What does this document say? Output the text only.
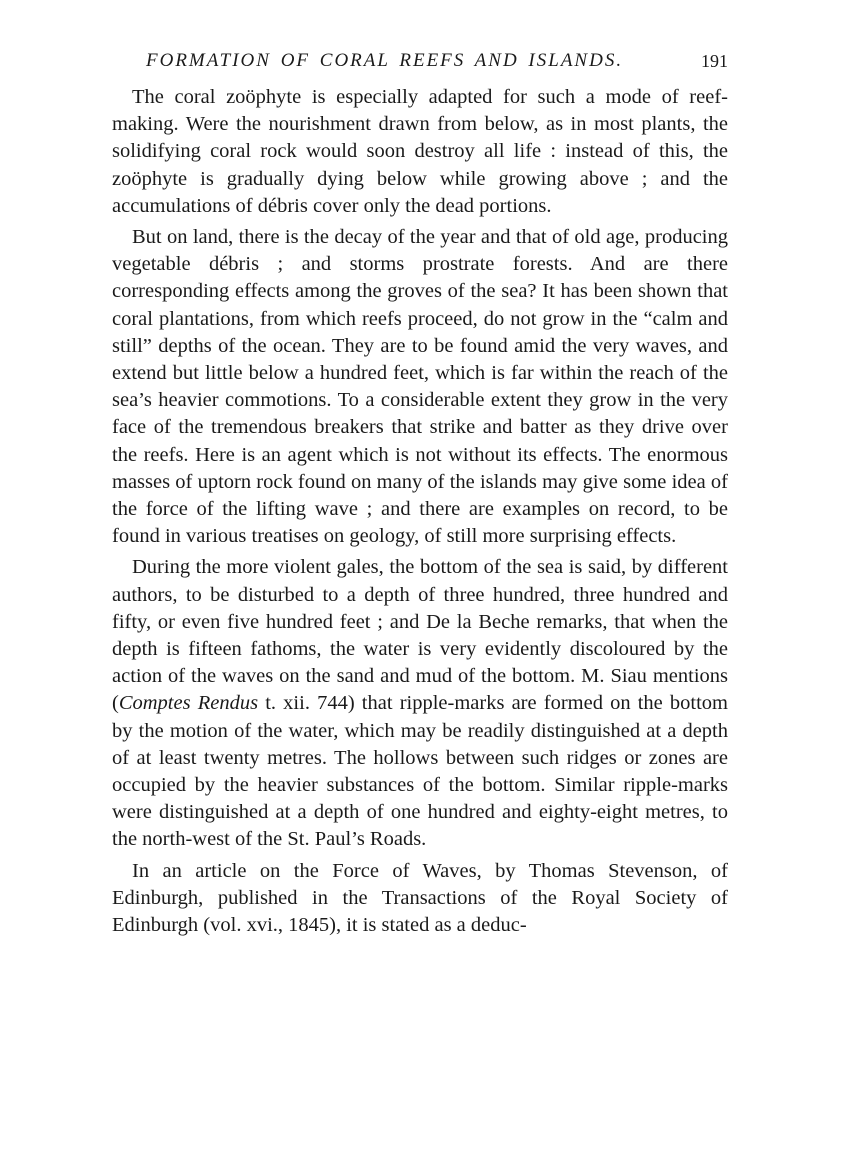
FORMATION OF CORAL REEFS AND ISLANDS.	191

The coral zoöphyte is especially adapted for such a mode of reef-making. Were the nourishment drawn from below, as in most plants, the solidifying coral rock would soon destroy all life : instead of this, the zoöphyte is gradually dying below while growing above ; and the accumulations of débris cover only the dead portions.

But on land, there is the decay of the year and that of old age, producing vegetable débris ; and storms prostrate forests. And are there corresponding effects among the groves of the sea? It has been shown that coral plantations, from which reefs proceed, do not grow in the “calm and still” depths of the ocean. They are to be found amid the very waves, and extend but little below a hundred feet, which is far within the reach of the sea’s heavier commotions. To a considerable extent they grow in the very face of the tremendous breakers that strike and batter as they drive over the reefs. Here is an agent which is not without its effects. The enormous masses of uptorn rock found on many of the islands may give some idea of the force of the lifting wave ; and there are examples on record, to be found in various treatises on geology, of still more surprising effects.

During the more violent gales, the bottom of the sea is said, by different authors, to be disturbed to a depth of three hundred, three hundred and fifty, or even five hundred feet ; and De la Beche remarks, that when the depth is fifteen fathoms, the water is very evidently discoloured by the action of the waves on the sand and mud of the bottom. M. Siau mentions (Comptes Rendus t. xii. 744) that ripple-marks are formed on the bottom by the motion of the water, which may be readily distinguished at a depth of at least twenty metres. The hollows between such ridges or zones are occupied by the heavier substances of the bottom. Similar ripple-marks were distinguished at a depth of one hundred and eighty-eight metres, to the north-west of the St. Paul’s Roads.

In an article on the Force of Waves, by Thomas Stevenson, of Edinburgh, published in the Transactions of the Royal Society of Edinburgh (vol. xvi., 1845), it is stated as a deduc-
